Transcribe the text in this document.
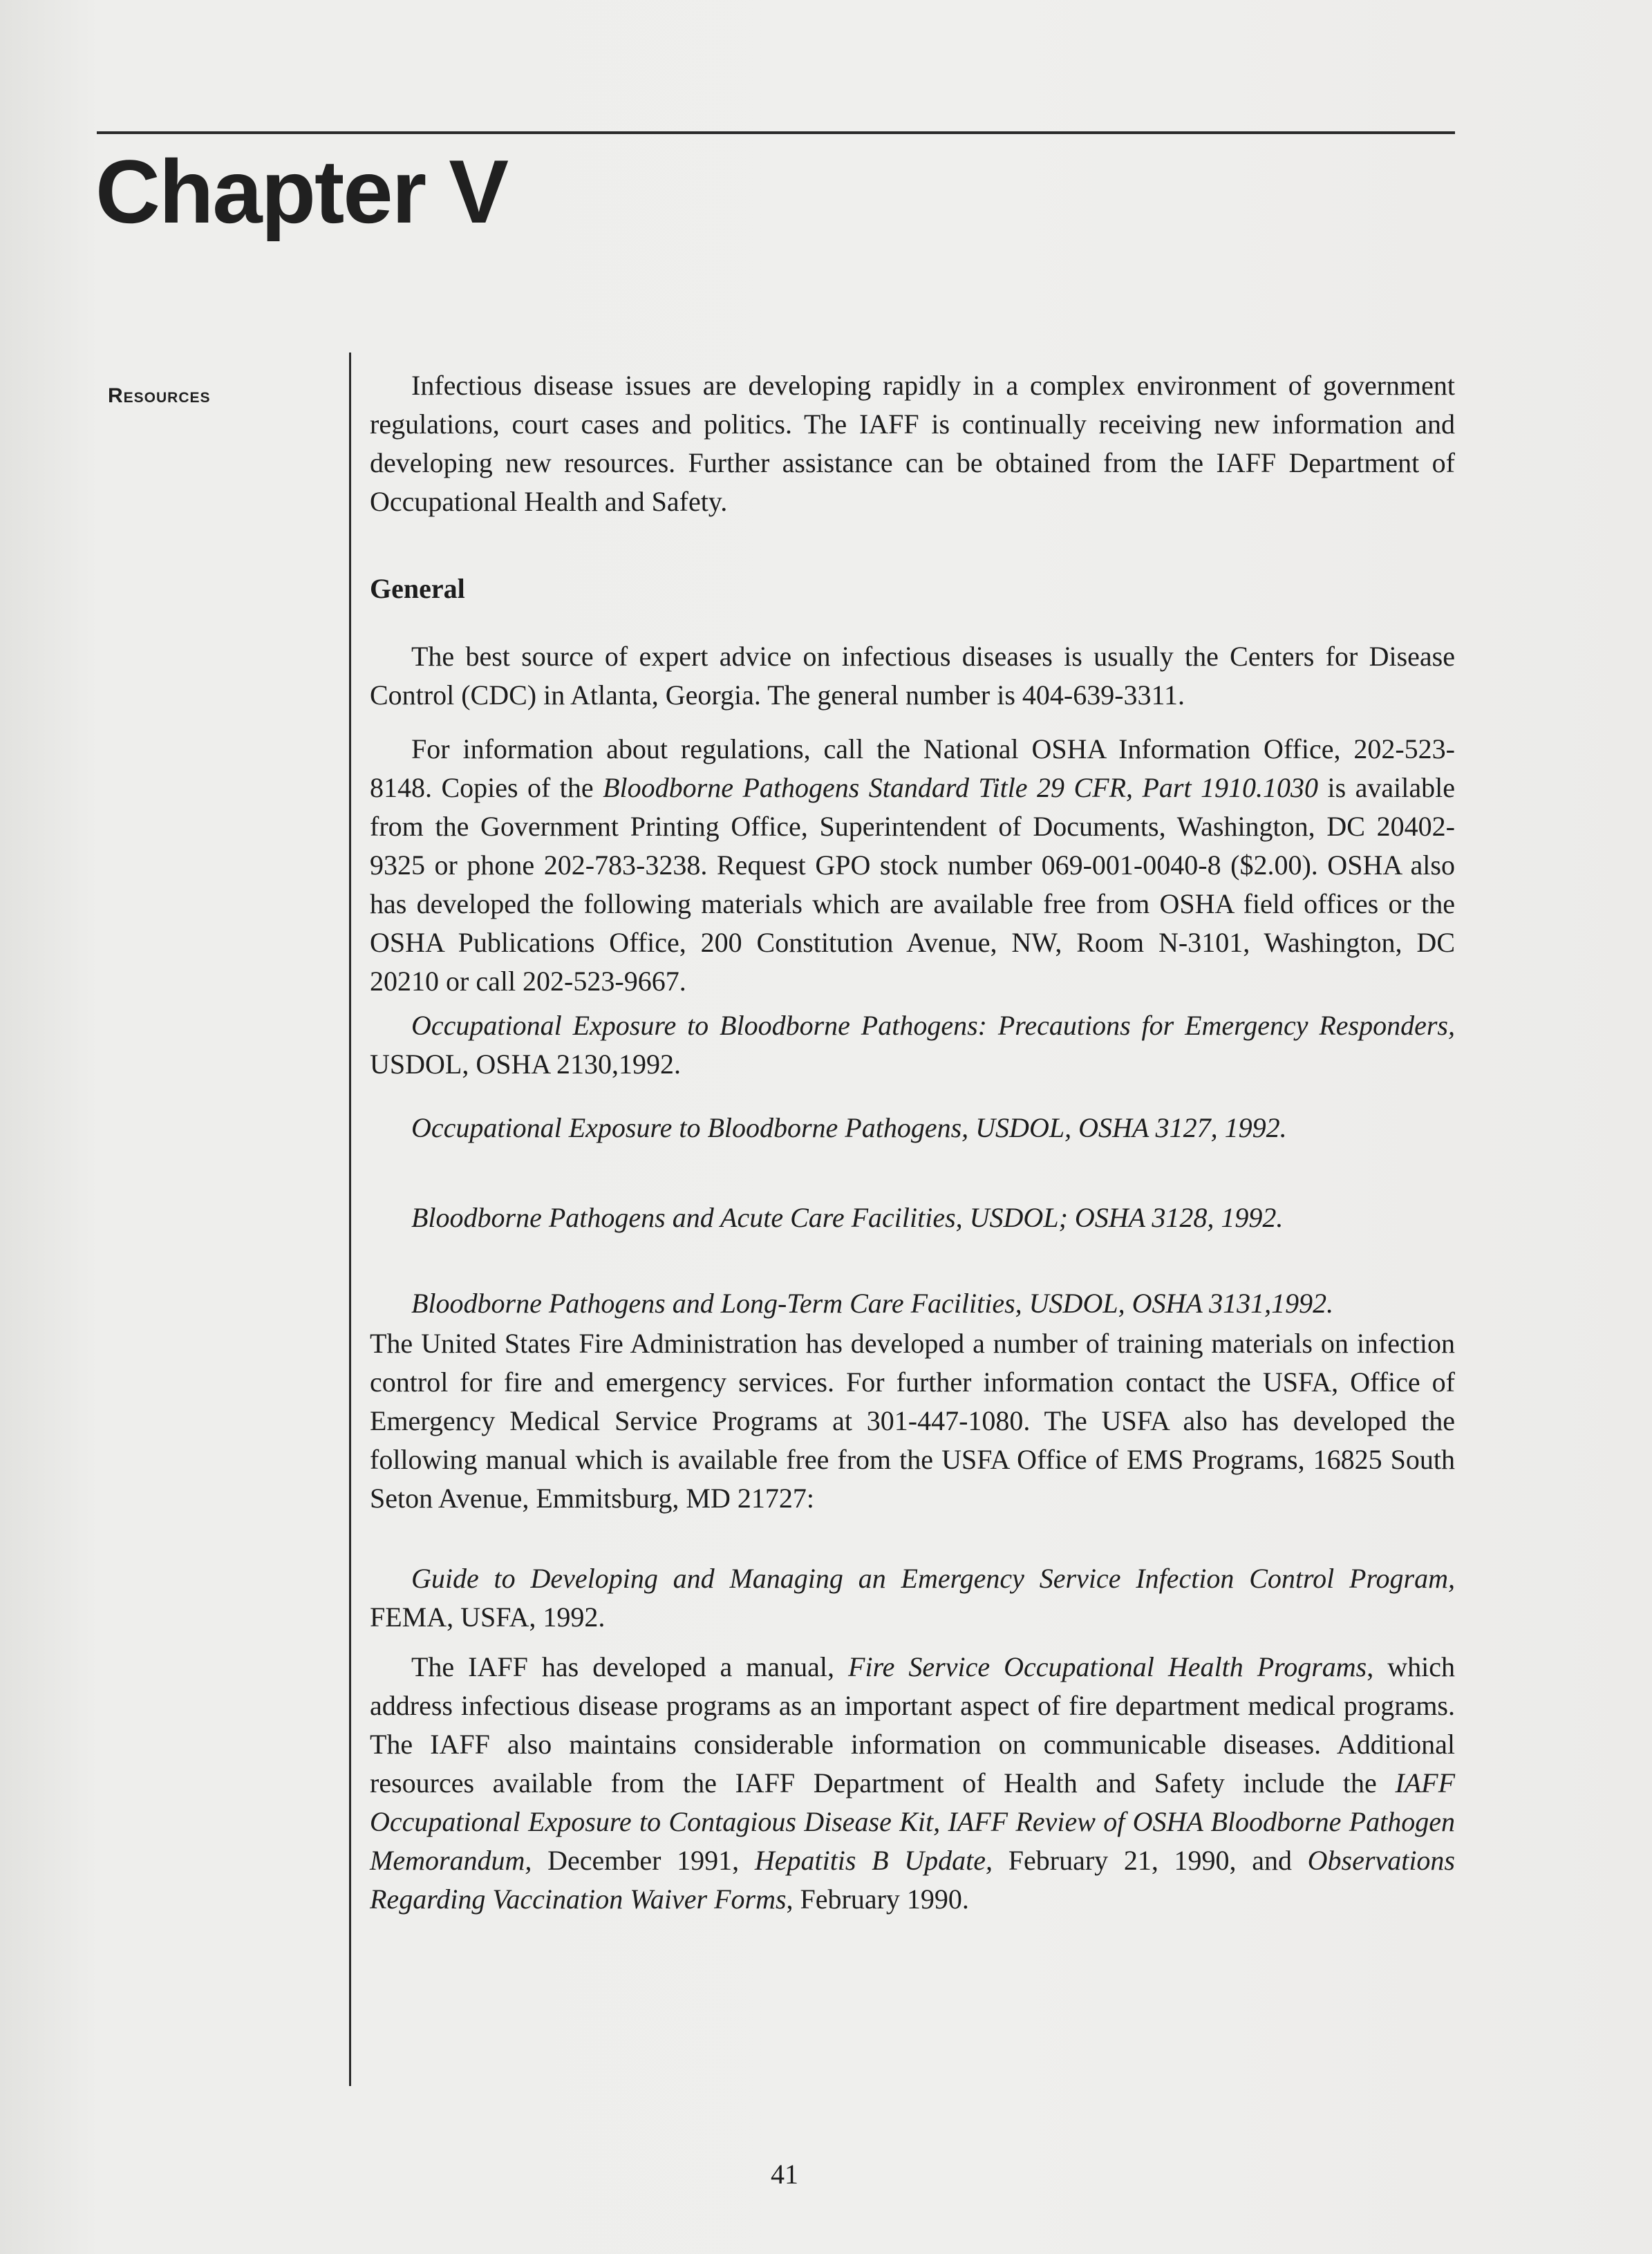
Chapter V
Resources	Infectious disease issues are developing rapidly in a complex environment of government regulations, court cases and politics. The IAFF is continually receiving new information and developing new resources. Further assistance can be obtained from the IAFF Department of Occupational Health and Safety.

General

The best source of expert advice on infectious diseases is usually the Centers for Disease Control (CDC) in Atlanta, Georgia. The general number is 404-639-3311.

For information about regulations, call the National OSHA Information Office, 202-523-8148. Copies of the Bloodborne Pathogens Standard Title 29 CFR, Part 1910.1030 is available from the Government Printing Office, Superintendent of Documents, Washington, DC 20402-9325 or phone 202-783-3238. Request GPO stock number 069-001-0040-8 ($2.00). OSHA also has developed the following materials which are available free from OSHA field offices or the OSHA Publications Office, 200 Constitution Avenue, NW, Room N-3101, Washington, DC 20210 or call 202-523-9667.

Occupational Exposure to Bloodborne Pathogens: Precautions for Emergency Responders, USDOL, OSHA 2130,1992.

Occupational Exposure to Bloodborne Pathogens, USDOL, OSHA 3127, 1992.

Bloodborne Pathogens and Acute Care Facilities, USDOL; OSHA 3128, 1992.

Bloodborne Pathogens and Long-Term Care Facilities, USDOL, OSHA 3131,1992.

The United States Fire Administration has developed a number of training materials on infection control for fire and emergency services. For further information contact the USFA, Office of Emergency Medical Service Programs at 301-447-1080. The USFA also has developed the following manual which is available free from the USFA Office of EMS Programs, 16825 South Seton Avenue, Emmitsburg, MD 21727:

Guide to Developing and Managing an Emergency Service Infection Control Program, FEMA, USFA, 1992.

The IAFF has developed a manual, Fire Service Occupational Health Programs, which address infectious disease programs as an important aspect of fire department medical programs. The IAFF also maintains considerable information on communicable diseases. Additional resources available from the IAFF Department of Health and Safety include the IAFF Occupational Exposure to Contagious Disease Kit, IAFF Review of OSHA Bloodborne Pathogen Memorandum, December 1991, Hepatitis B Update, February 21, 1990, and Observations Regarding Vaccination Waiver Forms, February 1990.

41
